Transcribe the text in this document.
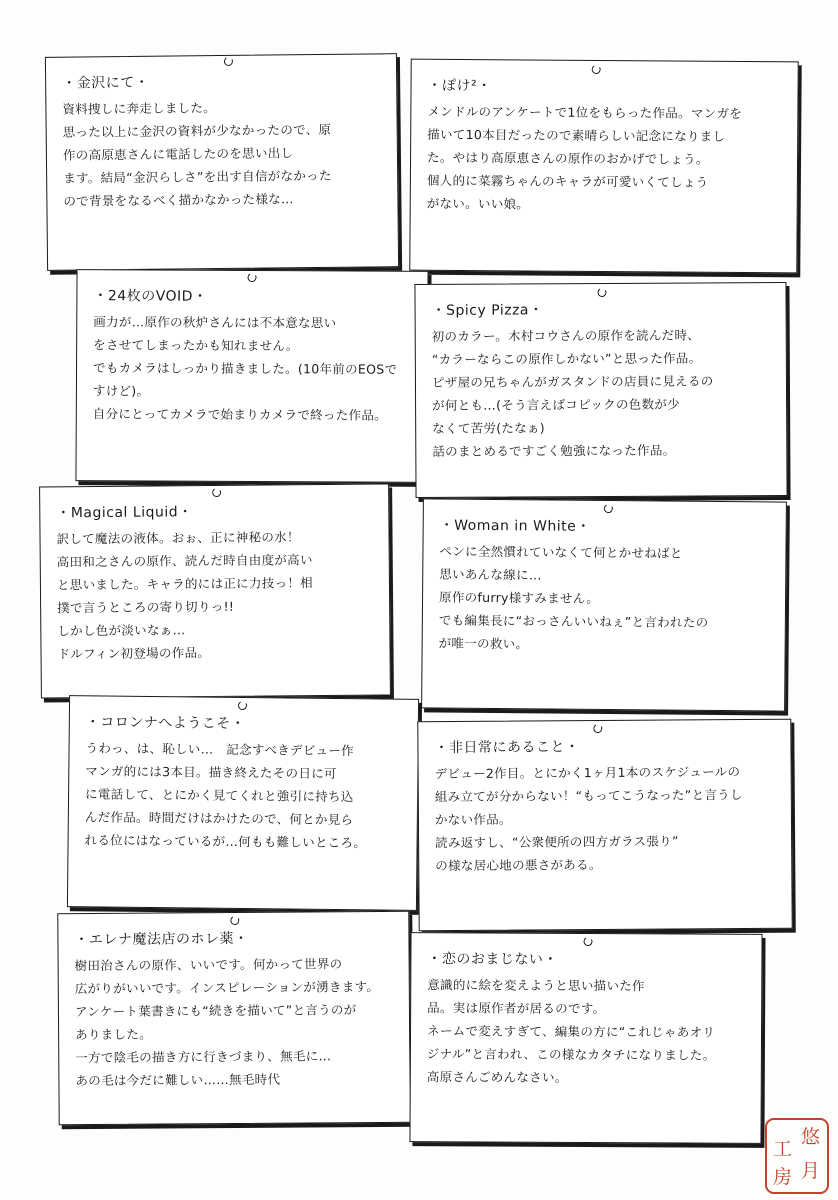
・金沢にて・
資料捜しに奔走しました。
思った以上に金沢の資料が少なかったので、原
作の高原恵さんに電話したのを思い出し
ます。結局“金沢らしさ”を出す自信がなかった
ので背景をなるべく描かなかった様な…
・ぽけ²・
メンドルのアンケートで1位をもらった作品。マンガを
描いて10本目だったので素晴らしい記念になりまし
た。やはり高原恵さんの原作のおかげでしょう。
個人的に菜霧ちゃんのキャラが可愛いくてしょう
がない。いい娘。
・24枚のVOID・
画力が…原作の秋炉さんには不本意な思い
をさせてしまったかも知れません。
でもカメラはしっかり描きました。(10年前のEOSで
すけど)。
自分にとってカメラで始まりカメラで終った作品。
・Spicy Pizza・
初のカラー。木村コウさんの原作を読んだ時、
“カラーならこの原作しかない”と思った作品。
ピザ屋の兄ちゃんがガスタンドの店員に見えるの
が何とも…(そう言えばコピックの色数が少
なくて苦労(たなぁ)
話のまとめるですごく勉強になった作品。
・Magical Liquid・
訳して魔法の液体。おぉ、正に神秘の水！
高田和之さんの原作、読んだ時自由度が高い
と思いました。キャラ的には正に力技っ！相
撲で言うところの寄り切りっ!!
しかし色が淡いなぁ…
ドルフィン初登場の作品。
・Woman in White・
ペンに全然慣れていなくて何とかせねばと
思いあんな線に…
原作のfurry様すみません。
でも編集長に“おっさんいいねぇ”と言われたの
が唯一の救い。
・コロンナへようこそ・
うわっ、は、恥しい…　記念すべきデビュー作
マンガ的には3本目。描き終えたその日に可
に電話して、とにかく見てくれと強引に持ち込
んだ作品。時間だけはかけたので、何とか見ら
れる位にはなっているが…何もも難しいところ。
・非日常にあること・
デビュー2作目。とにかく1ヶ月1本のスケジュールの
組み立てが分からない！“もってこうなった”と言うし
かない作品。
読み返すし、“公衆便所の四方ガラス張り”
の様な居心地の悪さがある。
・エレナ魔法店のホレ薬・
樹田治さんの原作、いいです。何かって世界の
広がりがいいです。インスピレーションが湧きます。
アンケート葉書きにも“続きを描いて”と言うのが
ありました。
一方で陰毛の描き方に行きづまり、無毛に…
あの毛は今だに難しい……無毛時代
・恋のおまじない・
意識的に絵を変えようと思い描いた作
品。実は原作者が居るのです。
ネームで変えすぎて、編集の方に“これじゃあオリ
ジナル”と言われ、この様なカタチになりました。
高原さんごめんなさい。
悠
月
工
房
